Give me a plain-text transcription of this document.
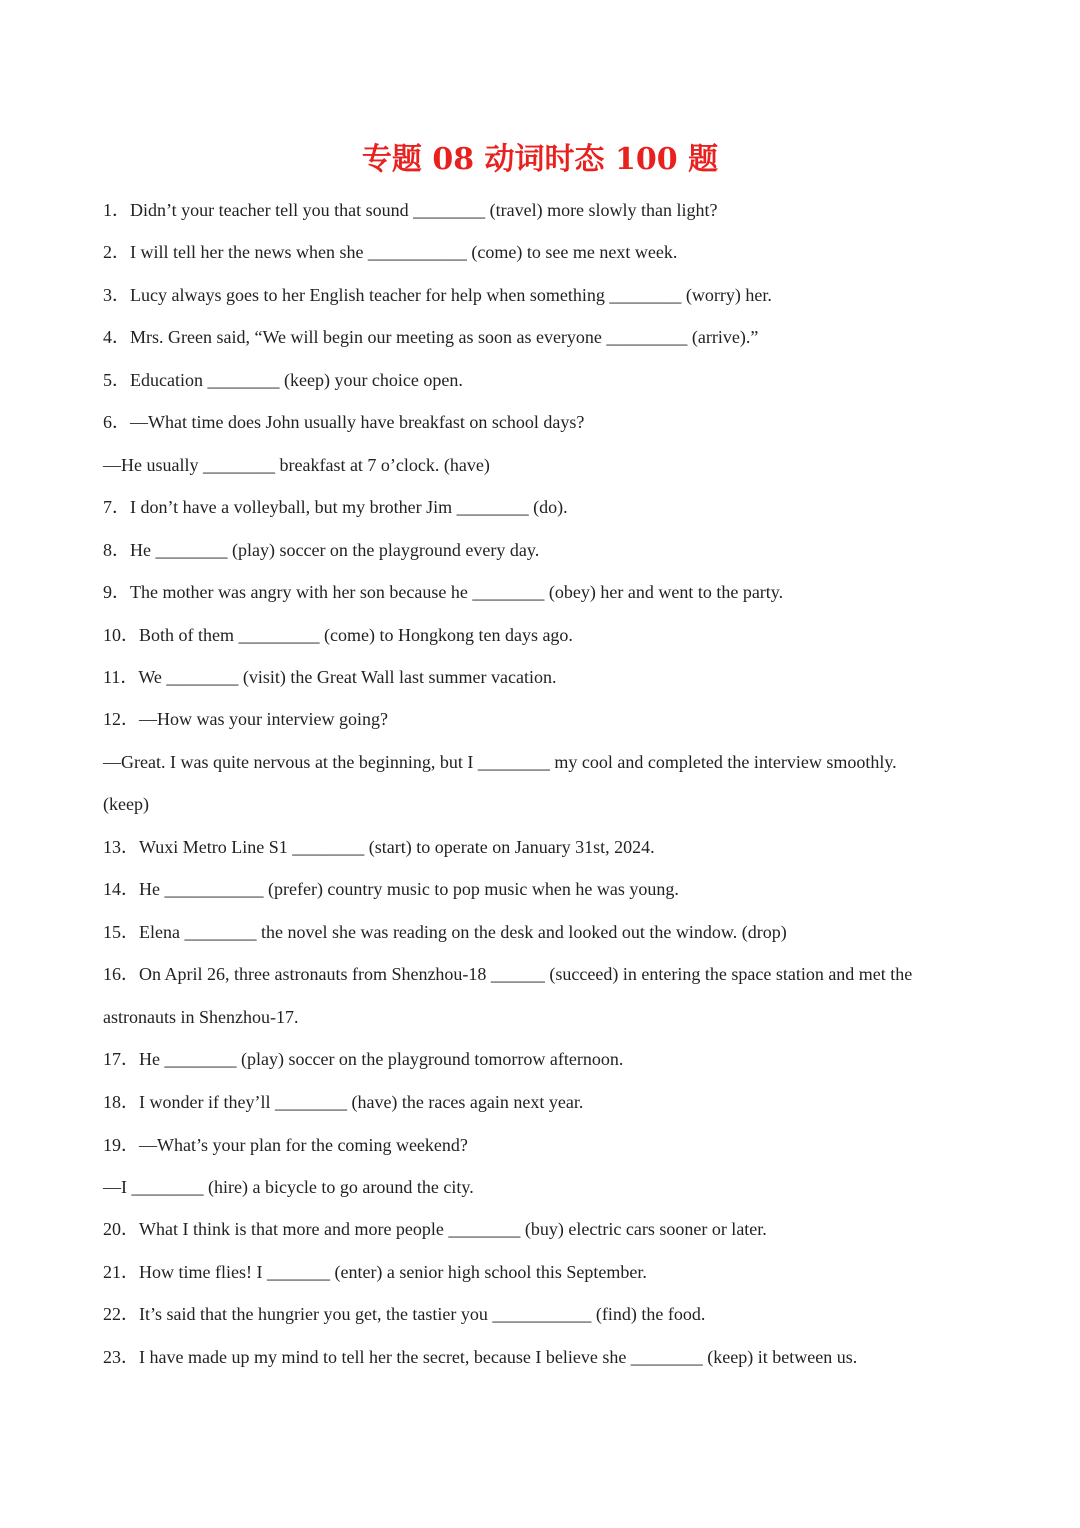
专题 08 动词时态 100 题
1．Didn’t your teacher tell you that sound ________ (travel) more slowly than light?
2．I will tell her the news when she ___________ (come) to see me next week.
3．Lucy always goes to her English teacher for help when something ________ (worry) her.
4．Mrs. Green said, “We will begin our meeting as soon as everyone _________ (arrive).”
5．Education ________ (keep) your choice open.
6．—What time does John usually have breakfast on school days?
—He usually ________ breakfast at 7 o’clock. (have)
7．I don’t have a volleyball, but my brother Jim ________ (do).
8．He ________ (play) soccer on the playground every day.
9．The mother was angry with her son because he ________ (obey) her and went to the party.
10．Both of them _________ (come) to Hongkong ten days ago.
11．We ________ (visit) the Great Wall last summer vacation.
12．—How was your interview going?
—Great. I was quite nervous at the beginning, but I ________ my cool and completed the interview smoothly.
(keep)
13．Wuxi Metro Line S1 ________ (start) to operate on January 31st, 2024.
14．He ___________ (prefer) country music to pop music when he was young.
15．Elena ________ the novel she was reading on the desk and looked out the window. (drop)
16．On April 26, three astronauts from Shenzhou-18 ______ (succeed) in entering the space station and met the
astronauts in Shenzhou-17.
17．He ________ (play) soccer on the playground tomorrow afternoon.
18．I wonder if they’ll ________ (have) the races again next year.
19．—What’s your plan for the coming weekend?
—I ________ (hire) a bicycle to go around the city.
20．What I think is that more and more people ________ (buy) electric cars sooner or later.
21．How time flies! I _______ (enter) a senior high school this September.
22．It’s said that the hungrier you get, the tastier you ___________ (find) the food.
23．I have made up my mind to tell her the secret, because I believe she ________ (keep) it between us.
